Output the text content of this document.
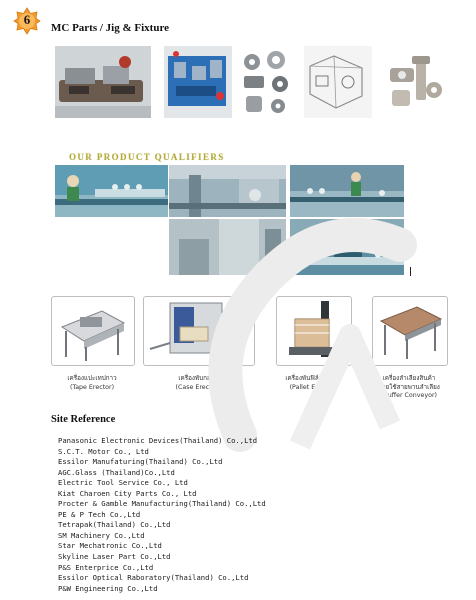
6
MC Parts / Jig & Fixture
OUR PRODUCT QUALIFIERS
เครื่องแปะเทปกาว
(Tape Erector)
เครื่องพับกล่อง
(Case Erector)
เครื่องพันฟิล์มพาเลท
(Pallet Erector)
เครื่องลำเลียงสินค้า
โดยใช้สายพานลำเลียง
(Buffer Conveyor)
Site Reference
Panasonic Electronic Devices(Thailand) Co.,Ltd
S.C.T. Motor Co., Ltd
Essilor Manufaturing(Thailand) Co.,Ltd
AGC.Glass (Thailand)Co.,Ltd
Electric Tool Service Co., Ltd
Kiat Charoen City Parts Co., Ltd
Procter & Gamble Manufacturing(Thailand) Co.,Ltd
PE & P Tech Co.,Ltd
Tetrapak(Thailand) Co.,Ltd
SM Machinery Co.,Ltd
Star Mechatronic Co.,Ltd
Skyline Laser Part Co.,Ltd
P&S Enterprice Co.,Ltd
Essilor Optical Raboratory(Thailand) Co.,Ltd
P&W Engineering Co.,Ltd
